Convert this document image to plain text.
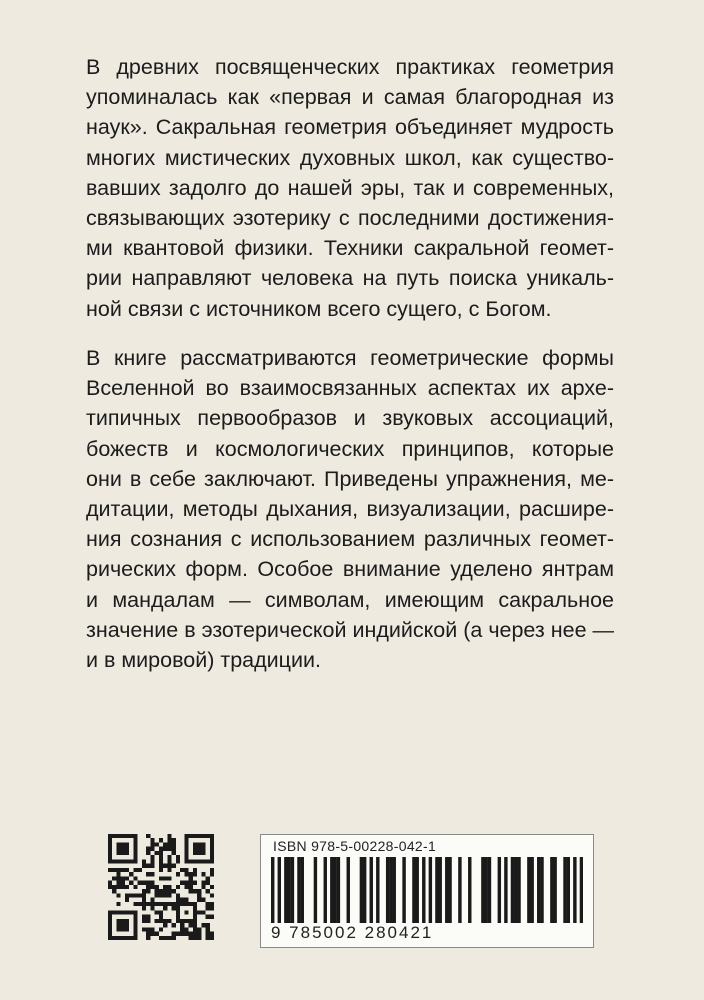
В древних посвященческих практиках геометрия
упоминалась как «первая и самая благородная из
наук». Сакральная геометрия объединяет мудрость
многих мистических духовных школ, как существо-
вавших задолго до нашей эры, так и современных,
связывающих эзотерику с последними достижения-
ми квантовой физики. Техники сакральной геомет-
рии направляют человека на путь поиска уникаль-
ной связи с источником всего сущего, с Богом.
В книге рассматриваются геометрические формы
Вселенной во взаимосвязанных аспектах их архе-
типичных первообразов и звуковых ассоциаций,
божеств и космологических принципов, которые
они в себе заключают. Приведены упражнения, ме-
дитации, методы дыхания, визуализации, расшире-
ния сознания с использованием различных геомет-
рических форм. Особое внимание уделено янтрам
и мандалам — символам, имеющим сакральное
значение в эзотерической индийской (а через нее —
и в мировой) традиции.
ISBN 978-5-00228-042-1
9 785002 280421
